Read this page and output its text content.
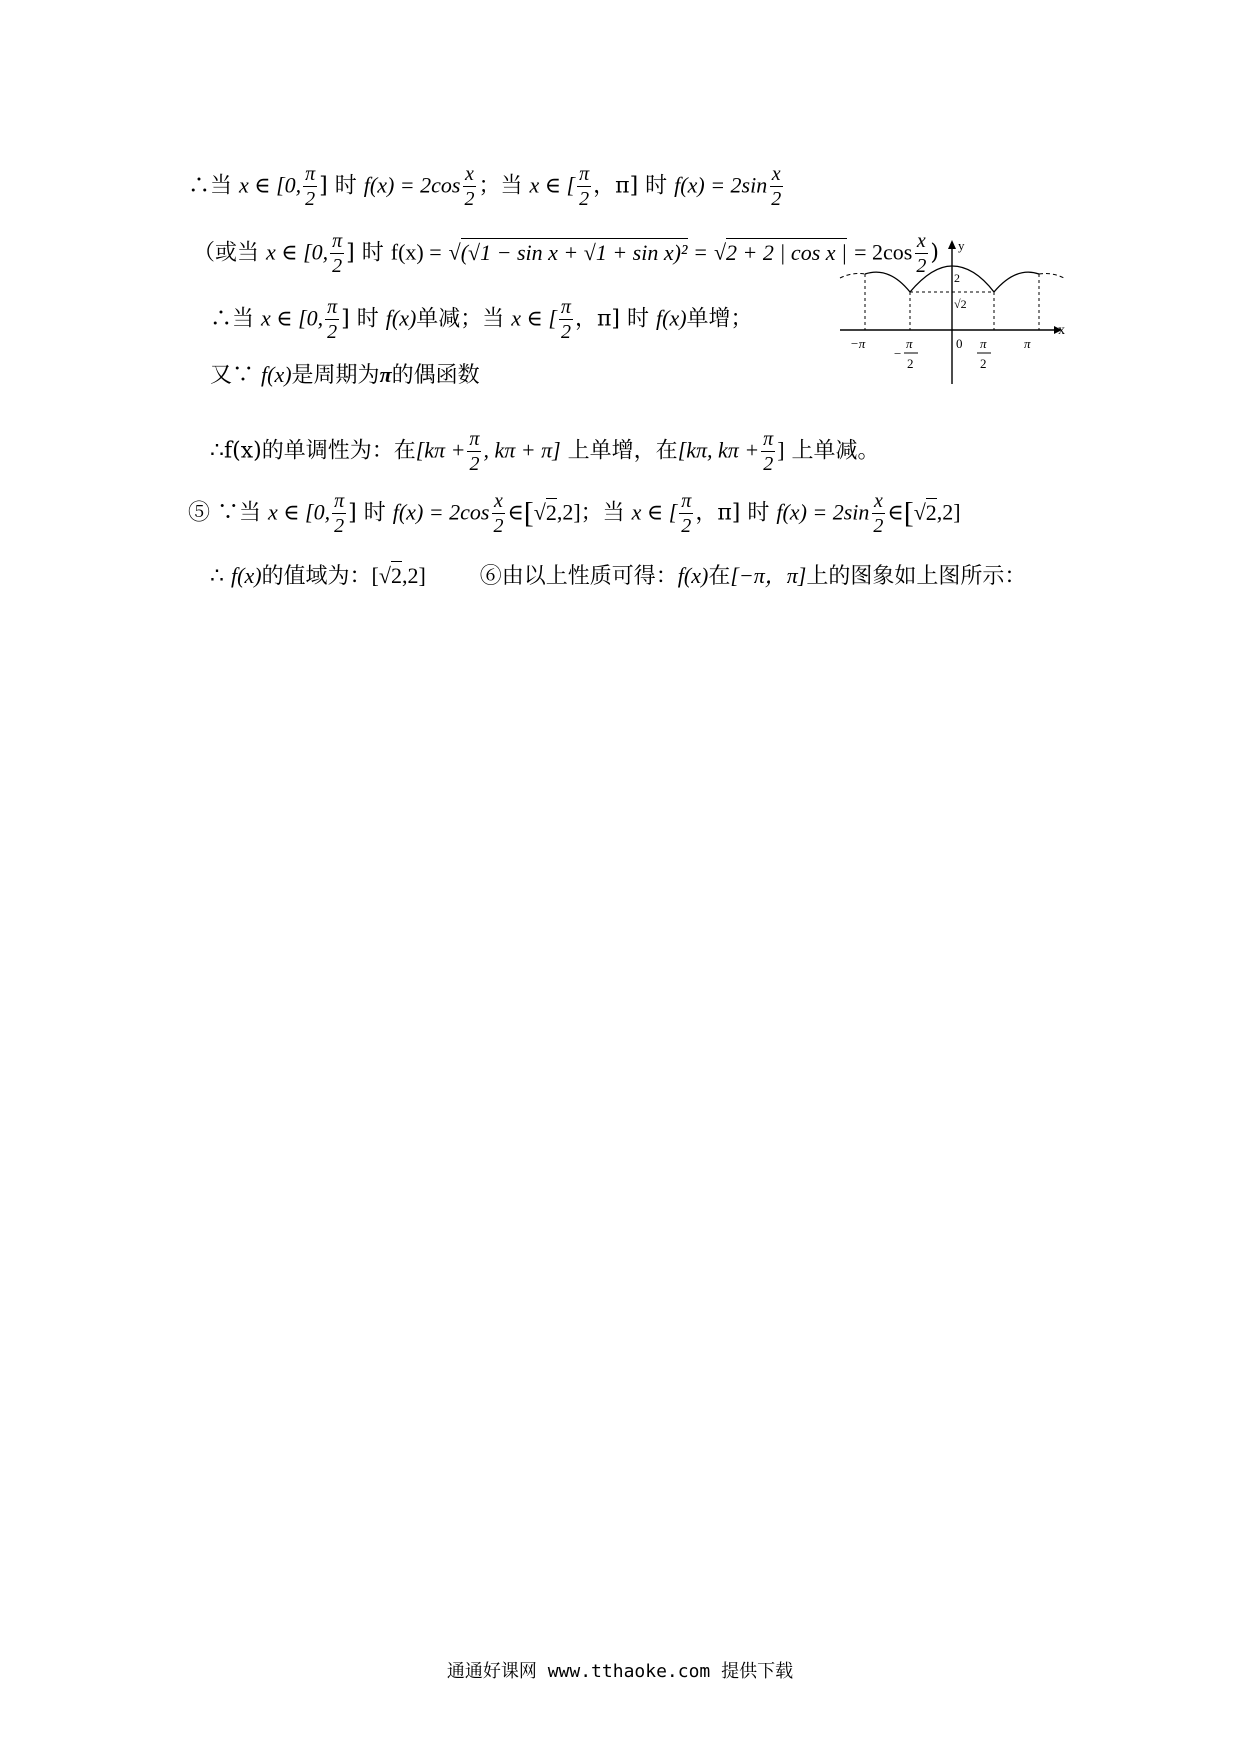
∴当 x ∈ [0, $\frac{\pi}{2}$ ] 时 $f(x) = 2\cos \frac{x}{2}$ ；当 x ∈ [ $\frac{\pi}{2}$ ，π] 时 $f(x) = 2\sin \frac{x}{2}$
（或当 x ∈ [0, $\frac{\pi}{2}$ ] 时 f(x) = √(√1 − sin x + √1 + sin x)² = √2 + 2 | cos x | = $2\cos \frac{x}{2}$ )
∴当 x ∈ [0, $\frac{\pi}{2}$ ] 时 f(x)单减；当 x ∈ [ $\frac{\pi}{2}$ ，π] 时 f(x)单增；
又∵ f(x)是周期为π的偶函数
∴f(x)的单调性为：在[$k\pi + \frac{\pi}{2}$ , kπ + π] 上单增，在[kπ, $k\pi + \frac{\pi}{2}$ ] 上单减。
⑤ ∵当 x ∈ [0, $\frac{\pi}{2}$ ] 时 $f(x) = 2\cos \frac{x}{2}$ ∈[√2,2]；当 x ∈ [ $\frac{\pi}{2}$ ，π] 时 $f(x) = 2\sin \frac{x}{2}$ ∈[√2,2]
∴ f(x)的值域为：[√2,2] ⑥由以上性质可得：f(x)在[−π，π]上的图象如上图所示：
y
x
2
√2
−π
−
π
2
0 π
2
π
通通好课网 www.tthaoke.com 提供下载
